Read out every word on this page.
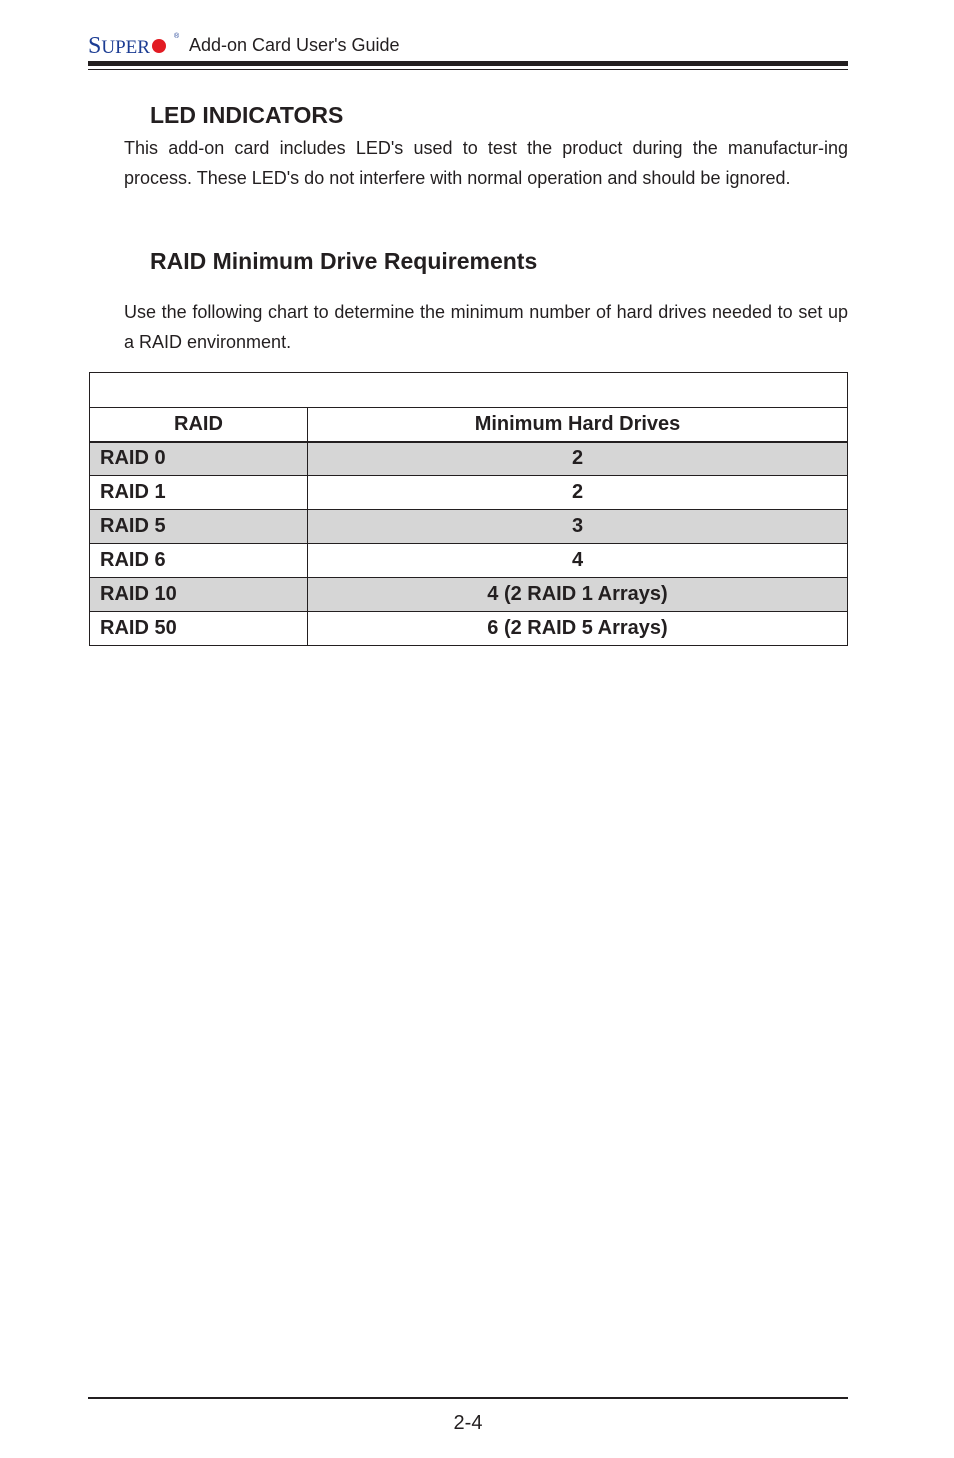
SUPER
® Add-on Card User's Guide
LED INDICATORS
This add-on card includes LED's used to test the product during the manufactur-ing process. These LED's do not interfere with normal operation and should be ignored.
RAID Minimum Drive Requirements
Use the following chart to determine the minimum number of hard drives needed to set up a RAID environment.

RAID	Minimum Hard Drives
RAID 0	2
RAID 1	2
RAID 5	3
RAID 6	4
RAID 10	4 (2 RAID 1 Arrays)
RAID 50	6 (2 RAID 5 Arrays)
2-4
